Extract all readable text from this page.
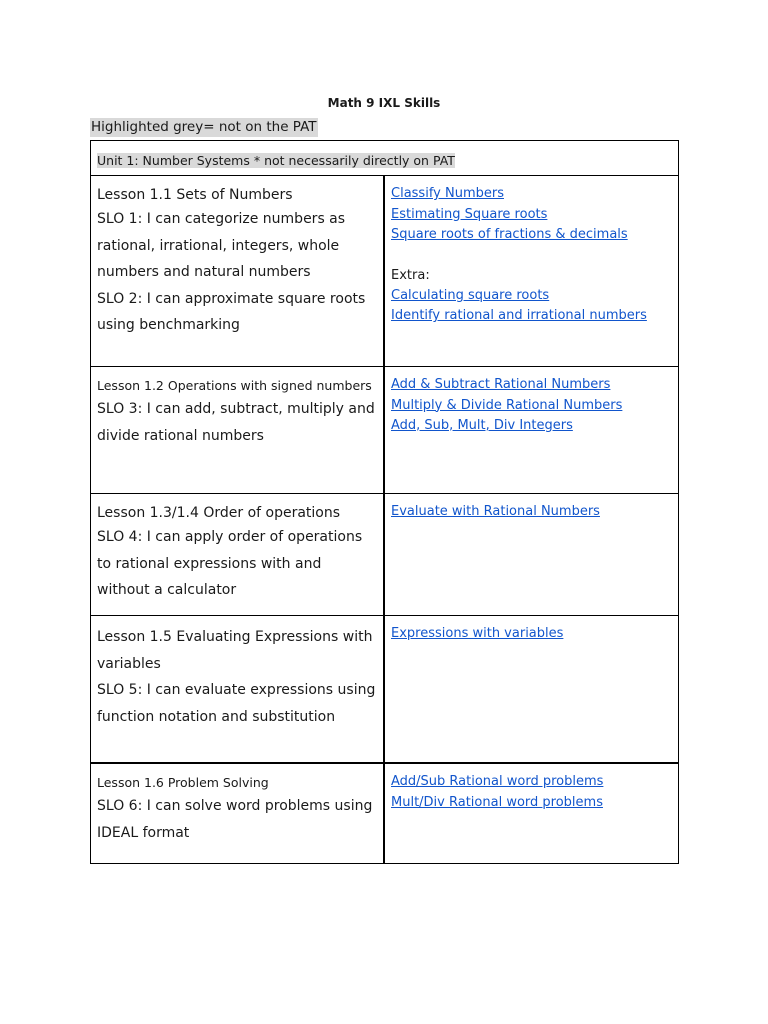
Math 9 IXL Skills
Highlighted grey= not on the PAT
Unit 1: Number Systems * not necessarily directly on PAT
Lesson 1.1 Sets of Numbers
SLO 1: I can categorize numbers as rational, irrational, integers, whole numbers and natural numbers
SLO 2: I can approximate square roots using benchmarking
Classify Numbers
Estimating Square roots
Square roots of fractions & decimals
Extra:
Calculating square roots
Identify rational and irrational numbers
Lesson 1.2 Operations with signed numbers
SLO 3: I can add, subtract, multiply and divide rational numbers
Add & Subtract Rational Numbers
Multiply & Divide Rational Numbers
Add, Sub, Mult, Div Integers
Lesson 1.3/1.4 Order of operations
SLO 4: I can apply order of operations to rational expressions with and without a calculator
Evaluate with Rational Numbers
Lesson 1.5 Evaluating Expressions with variables
SLO 5: I can evaluate expressions using function notation and substitution
Expressions with variables
Lesson 1.6 Problem Solving
SLO 6: I can solve word problems using IDEAL format
Add/Sub Rational word problems
Mult/Div Rational word problems
